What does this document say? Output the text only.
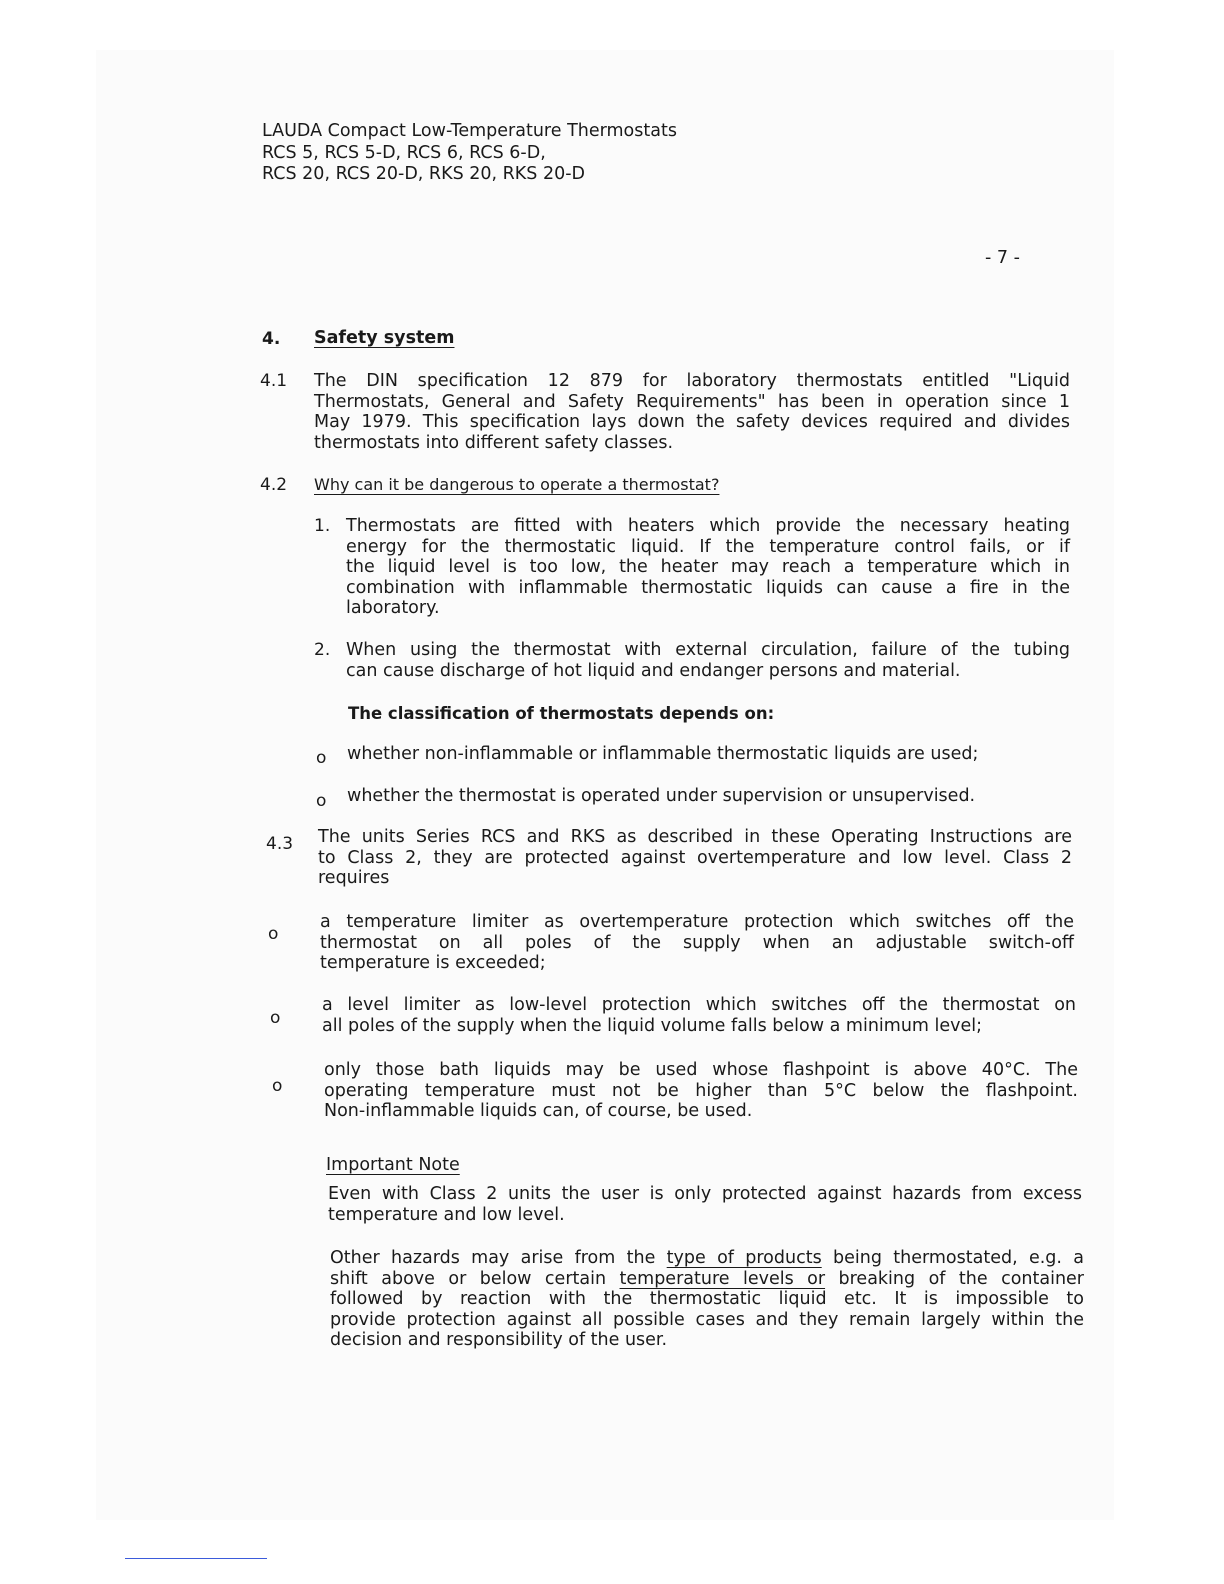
LAUDA Compact Low-Temperature Thermostats
RCS 5, RCS 5-D, RCS 6, RCS 6-D,
RCS 20, RCS 20-D, RKS 20, RKS 20-D
- 7 -
4. Safety system
4.1 The DIN specification 12 879 for laboratory thermostats entitled "Liquid
Thermostats, General and Safety Requirements" has been in operation since 1
May 1979. This specification lays down the safety devices required and divides
thermostats into different safety classes.
4.2 Why can it be dangerous to operate a thermostat?
1. Thermostats are fitted with heaters which provide the necessary heating
energy for the thermostatic liquid. If the temperature control fails, or if
the liquid level is too low, the heater may reach a temperature which in
combination with inflammable thermostatic liquids can cause a fire in the
laboratory.
2. When using the thermostat with external circulation, failure of the tubing
can cause discharge of hot liquid and endanger persons and material.
The classification of thermostats depends on:
o whether non-inflammable or inflammable thermostatic liquids are used;
o whether the thermostat is operated under supervision or unsupervised.
4.3 The units Series RCS and RKS as described in these Operating Instructions are
to Class 2, they are protected against overtemperature and low level. Class 2
requires
o
a temperature limiter as overtemperature protection which switches off the
thermostat on all poles of the supply when an adjustable switch-off
temperature is exceeded;
o
a level limiter as low-level protection which switches off the thermostat on
all poles of the supply when the liquid volume falls below a minimum level;
o
only those bath liquids may be used whose flashpoint is above 40°C. The
operating temperature must not be higher than 5°C below the flashpoint.
Non-inflammable liquids can, of course, be used.
Important Note
Even with Class 2 units the user is only protected against hazards from excess
temperature and low level.
Other hazards may arise from the type of products being thermostated, e.g. a
shift above or below certain temperature levels or breaking of the container
followed by reaction with the thermostatic liquid etc. It is impossible to
provide protection against all possible cases and they remain largely within the
decision and responsibility of the user.
